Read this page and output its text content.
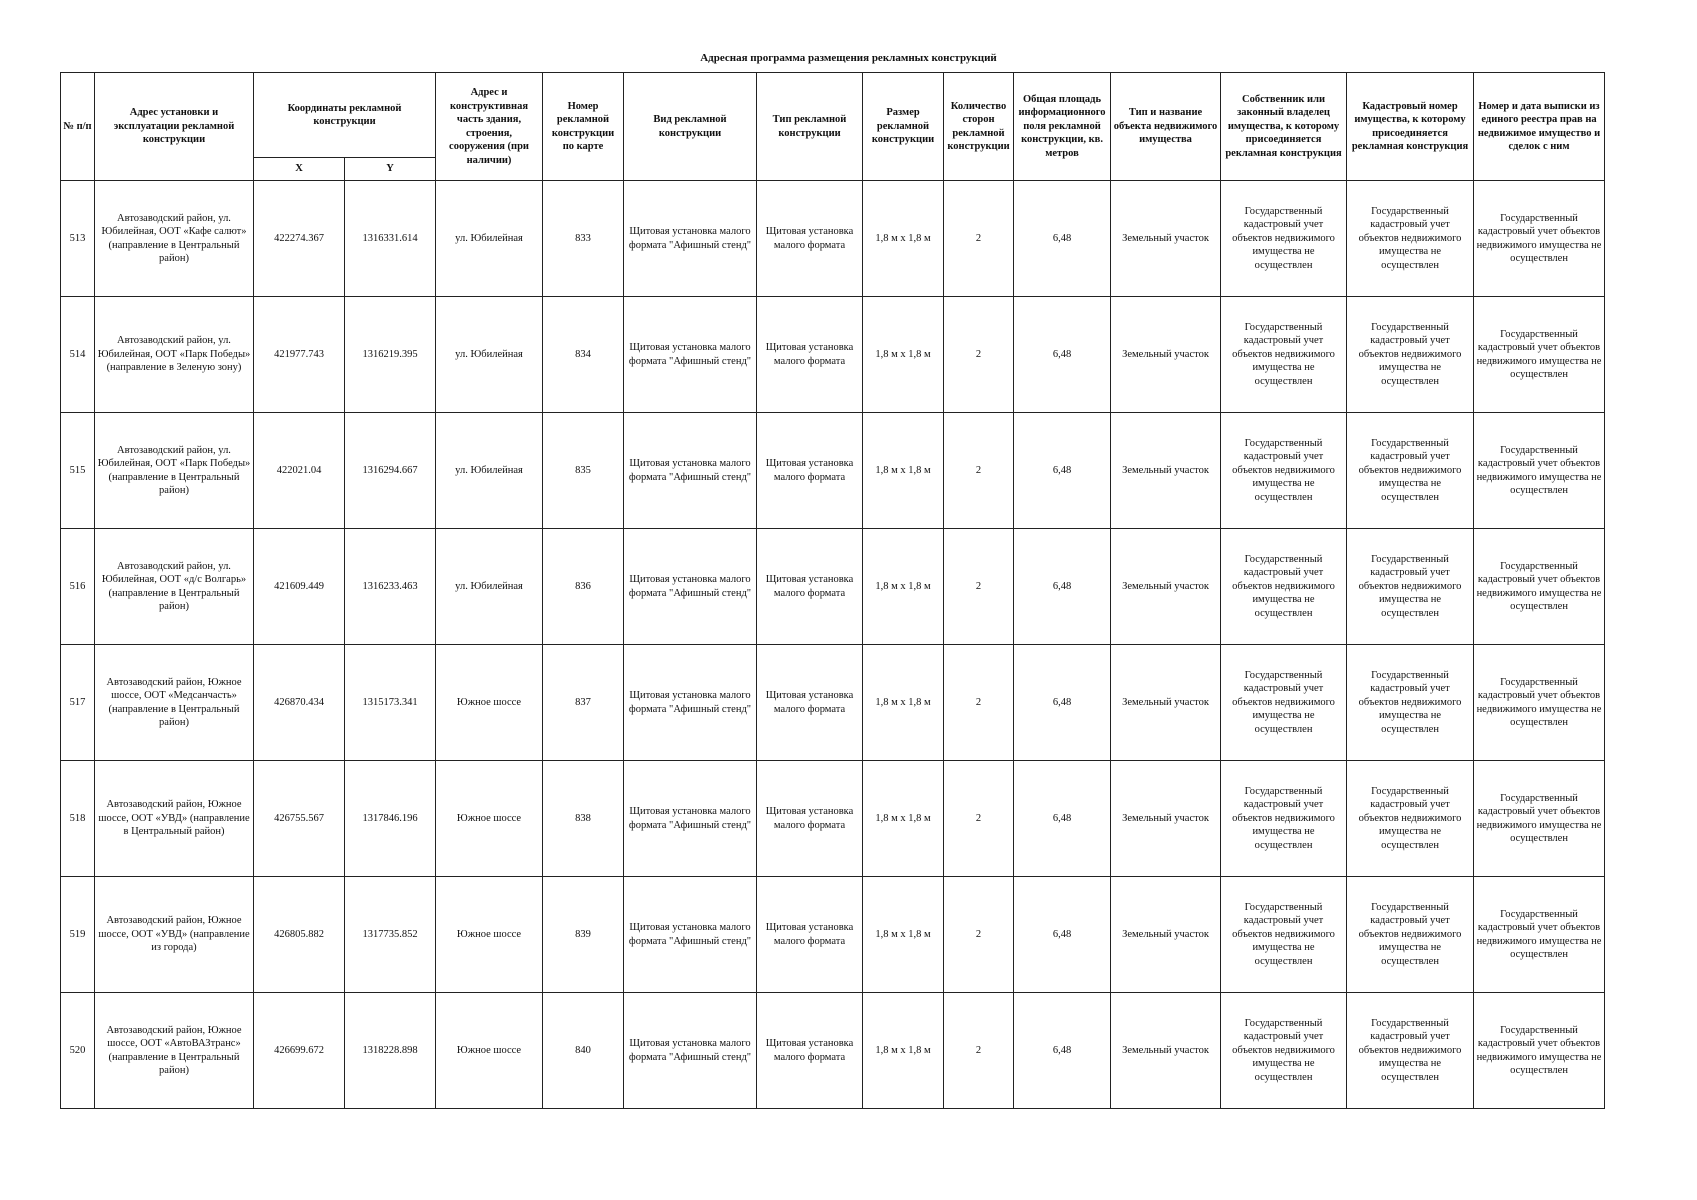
Адресная программа размещения рекламных конструкций
№ п/п	Адрес установки и эксплуатации рекламной конструкции	Координаты рекламной конструкции		Адрес и конструктивная часть здания, строения, сооружения (при наличии)	Номер рекламной конструкции по карте	Вид рекламной конструкции	Тип рекламной конструкции	Размер рекламной конструкции	Количество сторон рекламной конструкции	Общая площадь информационного поля рекламной конструкции, кв. метров	Тип и название объекта недвижимого имущества	Собственник или законный владелец имущества, к которому присоединяется рекламная конструкция	Кадастровый номер имущества, к которому присоединяется рекламная конструкция	Номер и дата выписки из единого реестра прав на недвижимое имущество и сделок с ним
		X	Y											
513	Автозаводский район, ул. Юбилейная, ООТ «Кафе салют» (направление в Центральный район)	422274.367	1316331.614	ул. Юбилейная	833	Щитовая установка малого формата "Афишный стенд"	Щитовая установка малого формата	1,8 м х 1,8 м	2	6,48	Земельный участок	Государственный кадастровый учет объектов недвижимого имущества не осуществлен	Государственный кадастровый учет объектов недвижимого имущества не осуществлен	Государственный кадастровый учет объектов недвижимого имущества не осуществлен
514	Автозаводский район, ул. Юбилейная, ООТ «Парк Победы» (направление в Зеленую зону)	421977.743	1316219.395	ул. Юбилейная	834	Щитовая установка малого формата "Афишный стенд"	Щитовая установка малого формата	1,8 м х 1,8 м	2	6,48	Земельный участок	Государственный кадастровый учет объектов недвижимого имущества не осуществлен	Государственный кадастровый учет объектов недвижимого имущества не осуществлен	Государственный кадастровый учет объектов недвижимого имущества не осуществлен
515	Автозаводский район, ул. Юбилейная, ООТ «Парк Победы» (направление в Центральный район)	422021.04	1316294.667	ул. Юбилейная	835	Щитовая установка малого формата "Афишный стенд"	Щитовая установка малого формата	1,8 м х 1,8 м	2	6,48	Земельный участок	Государственный кадастровый учет объектов недвижимого имущества не осуществлен	Государственный кадастровый учет объектов недвижимого имущества не осуществлен	Государственный кадастровый учет объектов недвижимого имущества не осуществлен
516	Автозаводский район, ул. Юбилейная, ООТ «д/с Волгарь» (направление в Центральный район)	421609.449	1316233.463	ул. Юбилейная	836	Щитовая установка малого формата "Афишный стенд"	Щитовая установка малого формата	1,8 м х 1,8 м	2	6,48	Земельный участок	Государственный кадастровый учет объектов недвижимого имущества не осуществлен	Государственный кадастровый учет объектов недвижимого имущества не осуществлен	Государственный кадастровый учет объектов недвижимого имущества не осуществлен
517	Автозаводский район, Южное шоссе, ООТ «Медсанчасть» (направление в Центральный район)	426870.434	1315173.341	Южное шоссе	837	Щитовая установка малого формата "Афишный стенд"	Щитовая установка малого формата	1,8 м х 1,8 м	2	6,48	Земельный участок	Государственный кадастровый учет объектов недвижимого имущества не осуществлен	Государственный кадастровый учет объектов недвижимого имущества не осуществлен	Государственный кадастровый учет объектов недвижимого имущества не осуществлен
518	Автозаводский район, Южное шоссе, ООТ «УВД» (направление в Центральный район)	426755.567	1317846.196	Южное шоссе	838	Щитовая установка малого формата "Афишный стенд"	Щитовая установка малого формата	1,8 м х 1,8 м	2	6,48	Земельный участок	Государственный кадастровый учет объектов недвижимого имущества не осуществлен	Государственный кадастровый учет объектов недвижимого имущества не осуществлен	Государственный кадастровый учет объектов недвижимого имущества не осуществлен
519	Автозаводский район, Южное шоссе, ООТ «УВД» (направление из города)	426805.882	1317735.852	Южное шоссе	839	Щитовая установка малого формата "Афишный стенд"	Щитовая установка малого формата	1,8 м х 1,8 м	2	6,48	Земельный участок	Государственный кадастровый учет объектов недвижимого имущества не осуществлен	Государственный кадастровый учет объектов недвижимого имущества не осуществлен	Государственный кадастровый учет объектов недвижимого имущества не осуществлен
520	Автозаводский район, Южное шоссе, ООТ «АвтоВАЗтранс» (направление в Центральный район)	426699.672	1318228.898	Южное шоссе	840	Щитовая установка малого формата "Афишный стенд"	Щитовая установка малого формата	1,8 м х 1,8 м	2	6,48	Земельный участок	Государственный кадастровый учет объектов недвижимого имущества не осуществлен	Государственный кадастровый учет объектов недвижимого имущества не осуществлен	Государственный кадастровый учет объектов недвижимого имущества не осуществлен
